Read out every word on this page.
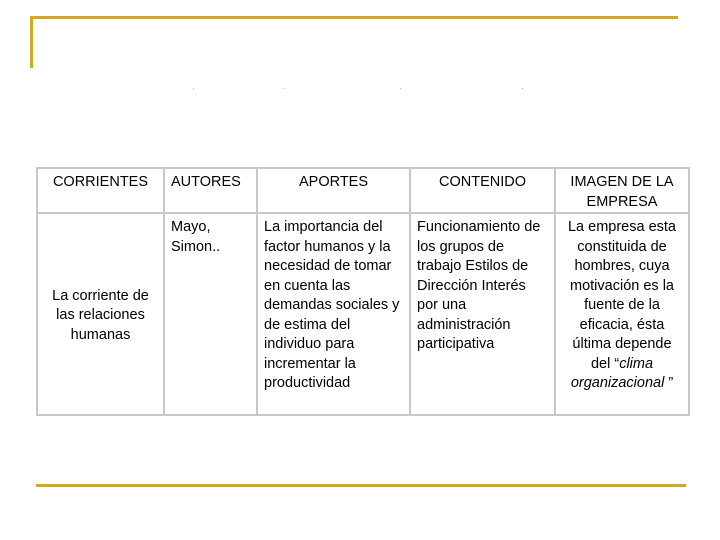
CORRIENTES	AUTORES	APORTES	CONTENIDO	IMAGEN DE LA EMPRESA
La corriente de las relaciones humanas	Mayo, Simon..	La importancia del factor humanos y la necesidad de tomar en cuenta las demandas sociales y de estima del individuo para incrementar la productividad	Funcionamiento de los grupos de trabajo Estilos de Dirección Interés por una administración participativa	La empresa esta constituida de hombres, cuya motivación es la fuente de la eficacia, ésta última depende del “clima organizacional ”
